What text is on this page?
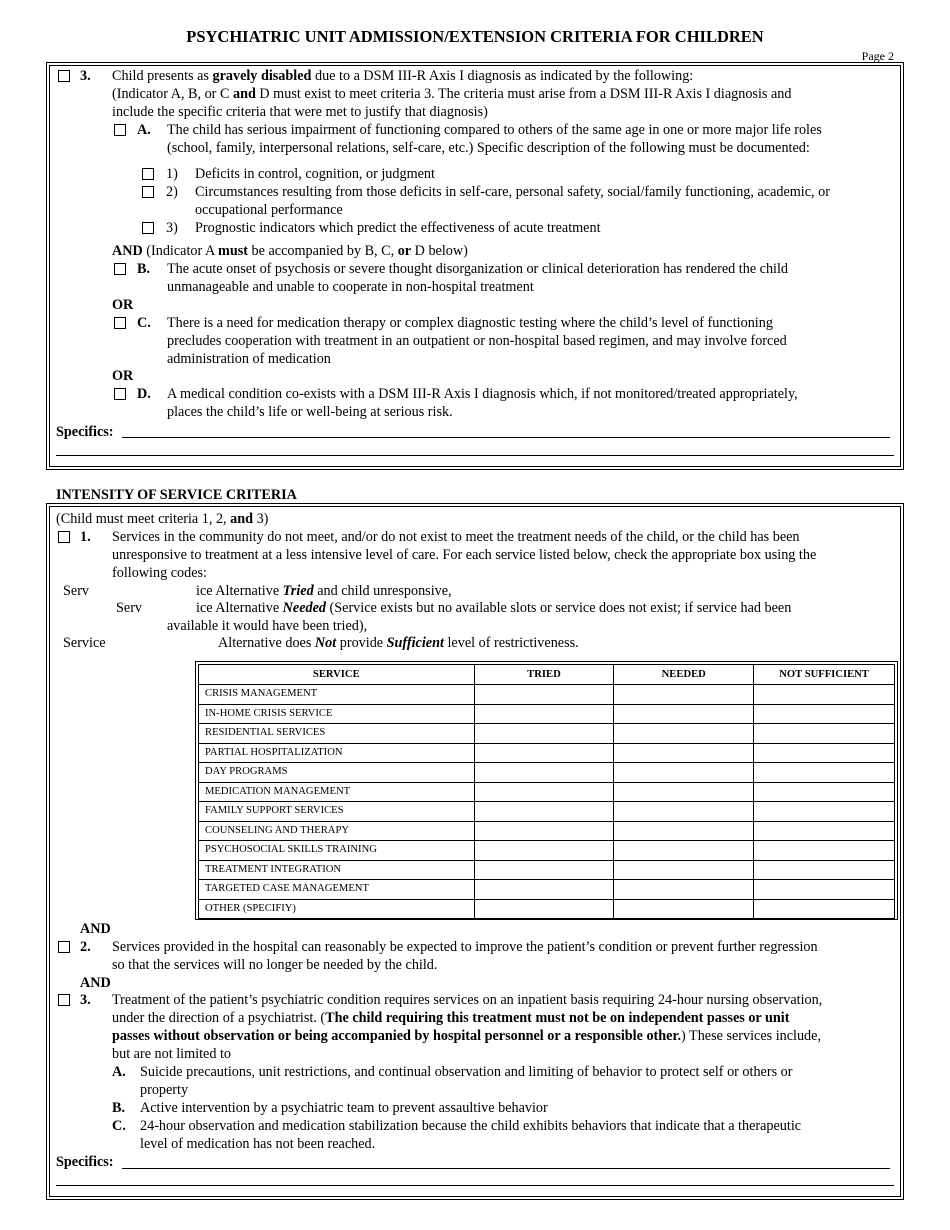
PSYCHIATRIC UNIT ADMISSION/EXTENSION CRITERIA FOR CHILDREN
Page 2
3. Child presents as gravely disabled due to a DSM III-R Axis I diagnosis as indicated by the following:
(Indicator A, B, or C and D must exist to meet criteria 3. The criteria must arise from a DSM III-R Axis I diagnosis and
include the specific criteria that were met to justify that diagnosis)
A. The child has serious impairment of functioning compared to others of the same age in one or more major life roles
(school, family, interpersonal relations, self-care, etc.) Specific description of the following must be documented:
1) Deficits in control, cognition, or judgment
2) Circumstances resulting from those deficits in self-care, personal safety, social/family functioning, academic, or
occupational performance
3) Prognostic indicators which predict the effectiveness of acute treatment
AND (Indicator A must be accompanied by B, C, or D below)
B. The acute onset of psychosis or severe thought disorganization or clinical deterioration has rendered the child
unmanageable and unable to cooperate in non-hospital treatment
OR
C. There is a need for medication therapy or complex diagnostic testing where the child’s level of functioning
precludes cooperation with treatment in an outpatient or non-hospital based regimen, and may involve forced
administration of medication
OR
D. A medical condition co-exists with a DSM III-R Axis I diagnosis which, if not monitored/treated appropriately,
places the child’s life or well-being at serious risk.
Specifics:
INTENSITY OF SERVICE CRITERIA
(Child must meet criteria 1, 2, and 3)
1. Services in the community do not meet, and/or do not exist to meet the treatment needs of the child, or the child has been
unresponsive to treatment at a less intensive level of care. For each service listed below, check the appropriate box using the
following codes:
Serv	ice Alternative Tried and child unresponsive,
Serv	ice Alternative Needed (Service exists but no available slots or service does not exist; if service had been
available it would have been tried),
Service	Alternative does Not provide Sufficient level of restrictiveness.
SERVICE	TRIED	NEEDED	NOT SUFFICIENT
CRISIS MANAGEMENT			
IN-HOME CRISIS SERVICE			
RESIDENTIAL SERVICES			
PARTIAL HOSPITALIZATION			
DAY PROGRAMS			
MEDICATION MANAGEMENT			
FAMILY SUPPORT SERVICES			
COUNSELING AND THERAPY			
PSYCHOSOCIAL SKILLS TRAINING			
TREATMENT INTEGRATION			
TARGETED CASE MANAGEMENT			
OTHER (SPECIFIY)			
AND
2. Services provided in the hospital can reasonably be expected to improve the patient’s condition or prevent further regression
so that the services will no longer be needed by the child.
AND
3. Treatment of the patient’s psychiatric condition requires services on an inpatient basis requiring 24-hour nursing observation,
under the direction of a psychiatrist. (The child requiring this treatment must not be on independent passes or unit
passes without observation or being accompanied by hospital personnel or a responsible other.) These services include,
but are not limited to
A. Suicide precautions, unit restrictions, and continual observation and limiting of behavior to protect self or others or
property
B. Active intervention by a psychiatric team to prevent assaultive behavior
C. 24-hour observation and medication stabilization because the child exhibits behaviors that indicate that a therapeutic
level of medication has not been reached.
Specifics:
